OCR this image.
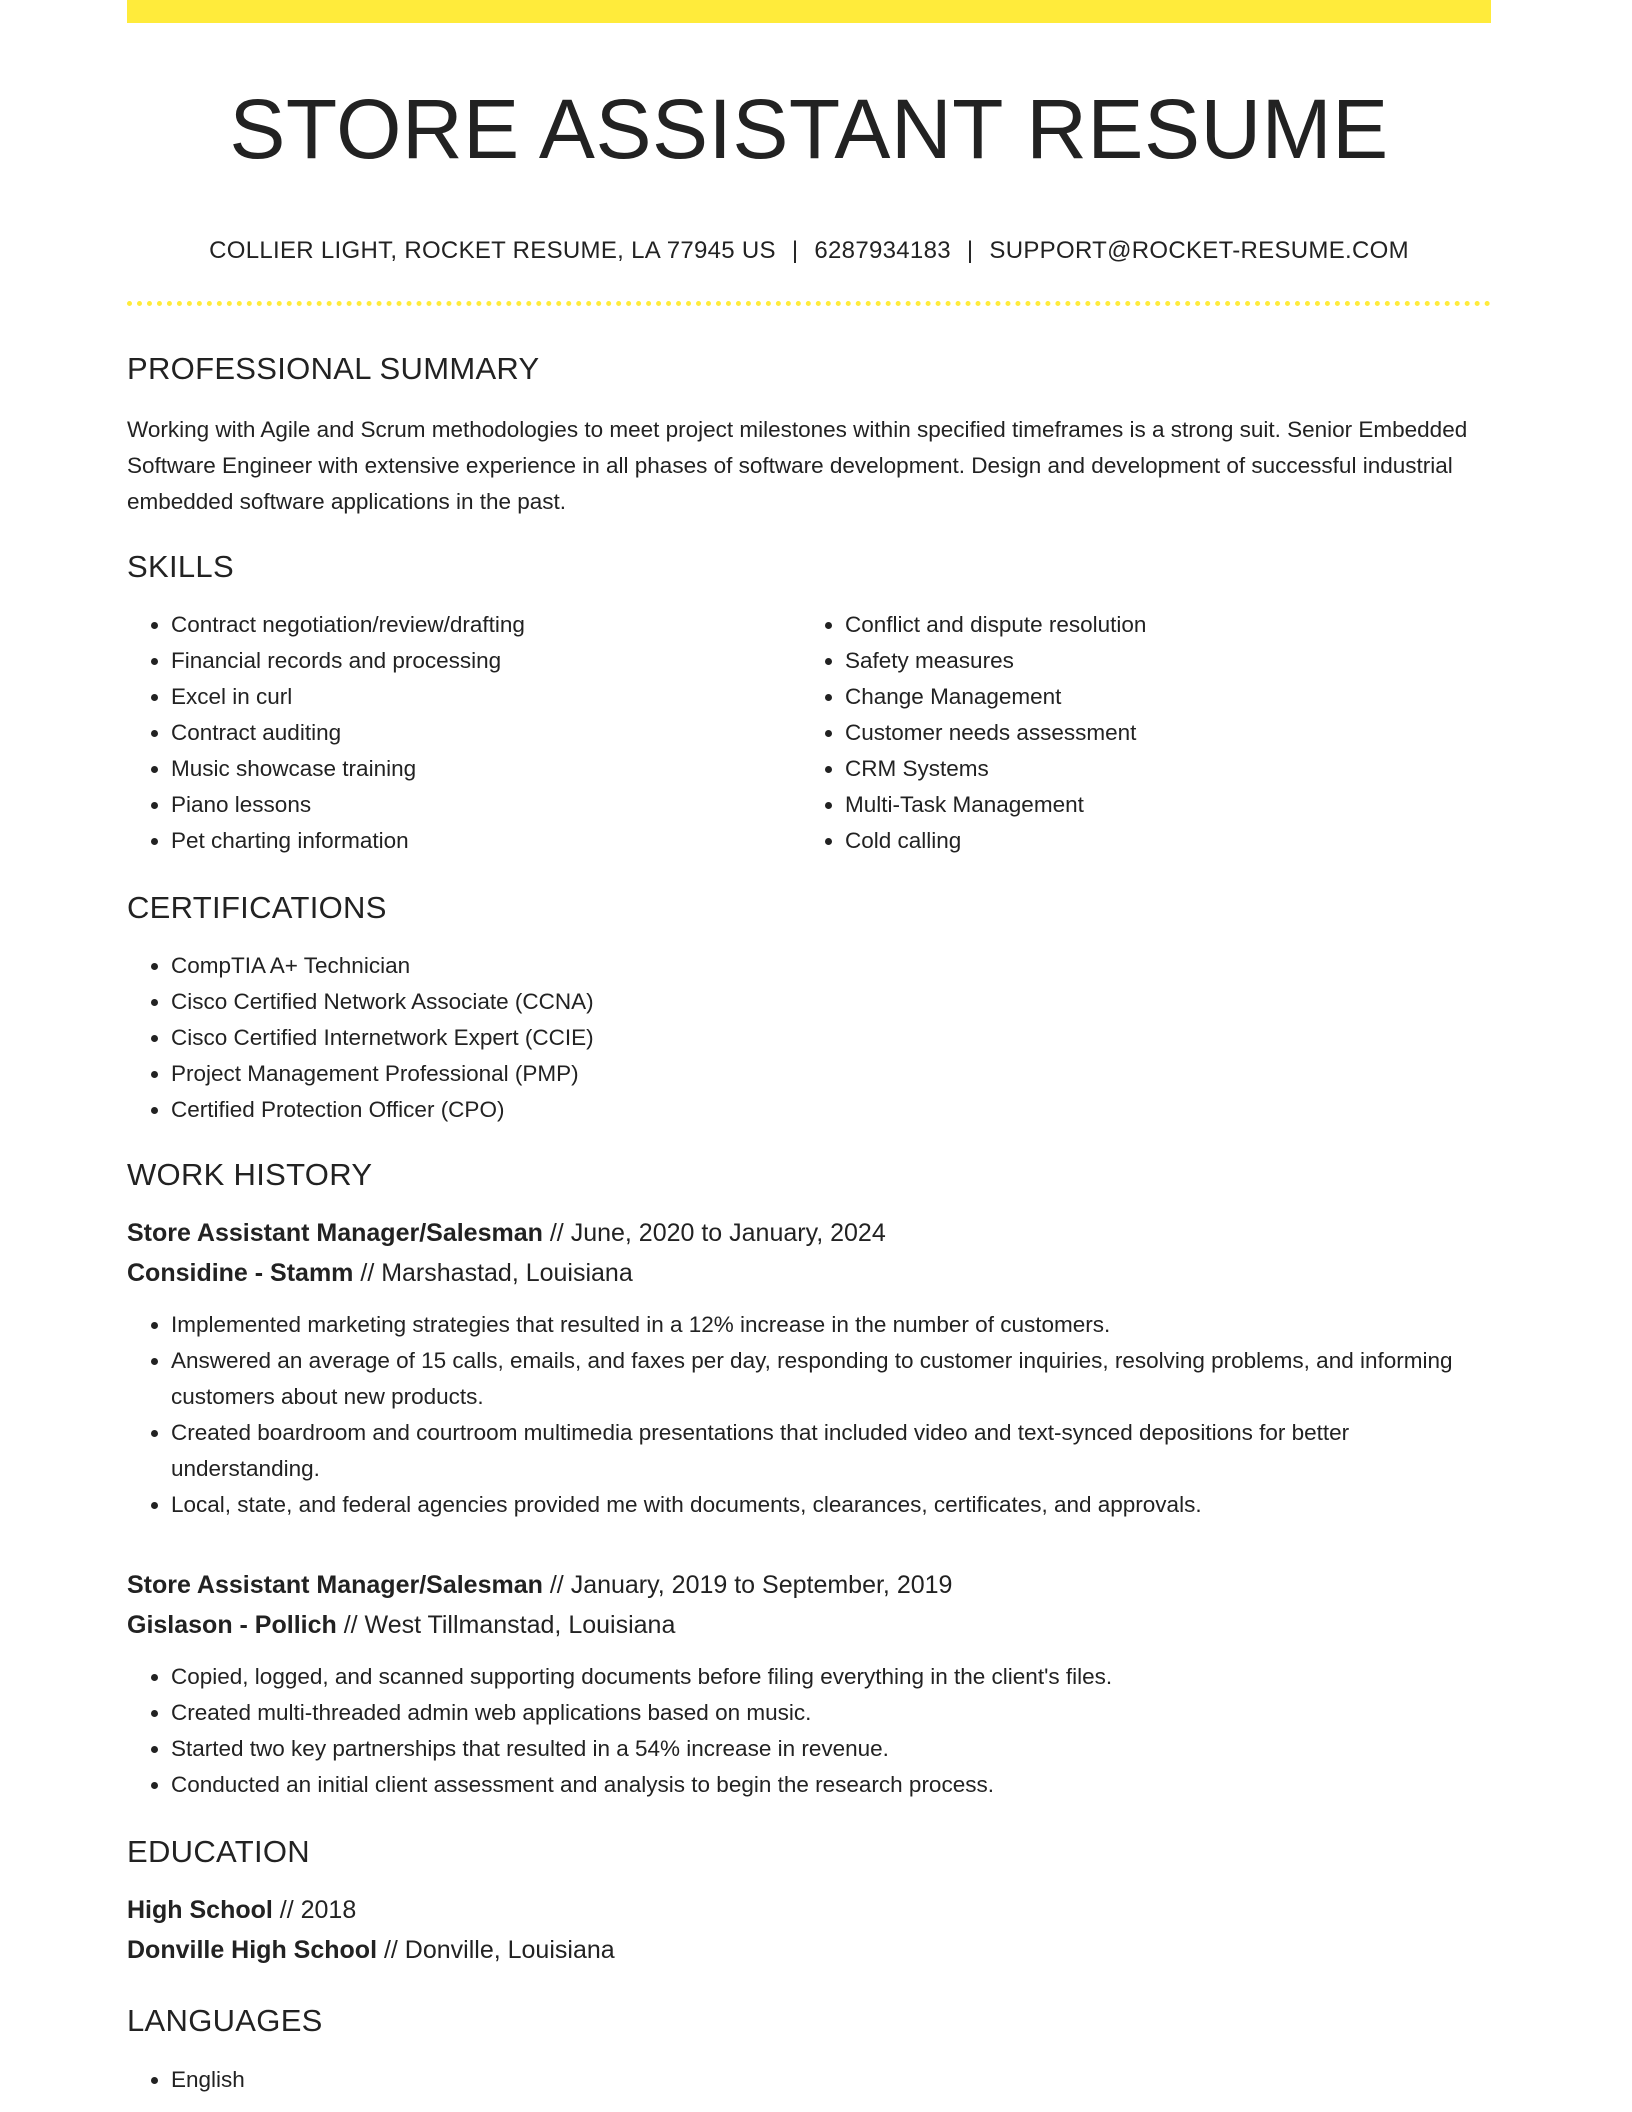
STORE ASSISTANT RESUME
COLLIER LIGHT, ROCKET RESUME, LA 77945 US | 6287934183 | SUPPORT@ROCKET-RESUME.COM
PROFESSIONAL SUMMARY

Working with Agile and Scrum methodologies to meet project milestones within specified timeframes is a strong suit. Senior Embedded Software Engineer with extensive experience in all phases of software development. Design and development of successful industrial embedded software applications in the past.

SKILLS
• Contract negotiation/review/drafting
• Financial records and processing
• Excel in curl
• Contract auditing
• Music showcase training
• Piano lessons
• Pet charting information
• Conflict and dispute resolution
• Safety measures
• Change Management
• Customer needs assessment
• CRM Systems
• Multi-Task Management
• Cold calling
CERTIFICATIONS
• CompTIA A+ Technician
• Cisco Certified Network Associate (CCNA)
• Cisco Certified Internetwork Expert (CCIE)
• Project Management Professional (PMP)
• Certified Protection Officer (CPO)
WORK HISTORY

Store Assistant Manager/Salesman // June, 2020 to January, 2024

Considine - Stamm // Marshastad, Louisiana

• Implemented marketing strategies that resulted in a 12% increase in the number of customers.
• Answered an average of 15 calls, emails, and faxes per day, responding to customer inquiries, resolving problems, and informing customers about new products.
• Created boardroom and courtroom multimedia presentations that included video and text-synced depositions for better understanding.
• Local, state, and federal agencies provided me with documents, clearances, certificates, and approvals.

Store Assistant Manager/Salesman // January, 2019 to September, 2019

Gislason - Pollich // West Tillmanstad, Louisiana

• Copied, logged, and scanned supporting documents before filing everything in the client's files.
• Created multi-threaded admin web applications based on music.
• Started two key partnerships that resulted in a 54% increase in revenue.
• Conducted an initial client assessment and analysis to begin the research process.
EDUCATION

High School // 2018

Donville High School // Donville, Louisiana

LANGUAGES
• English
